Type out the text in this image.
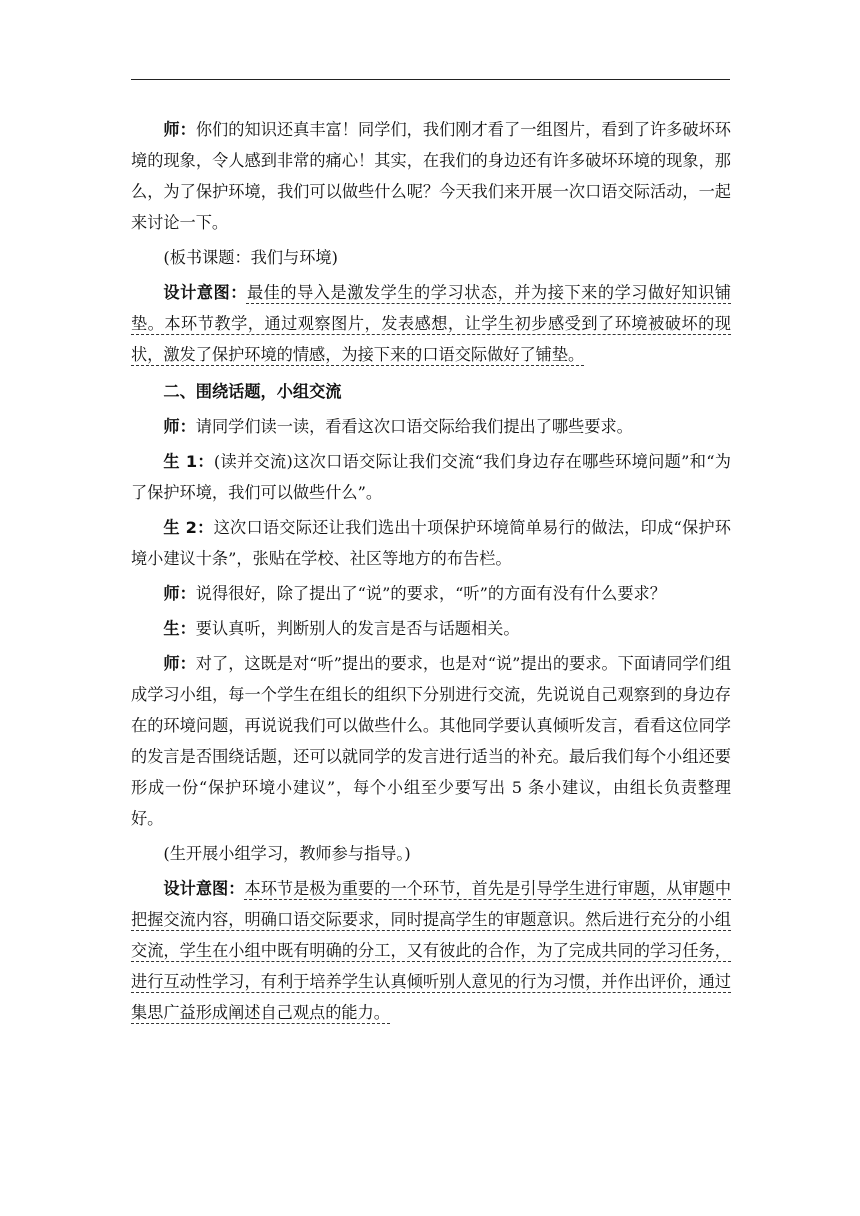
师：你们的知识还真丰富！同学们，我们刚才看了一组图片，看到了许多破坏环境的现象，令人感到非常的痛心！其实，在我们的身边还有许多破坏环境的现象，那么，为了保护环境，我们可以做些什么呢？今天我们来开展一次口语交际活动，一起来讨论一下。

(板书课题：我们与环境)

设计意图：最佳的导入是激发学生的学习状态，并为接下来的学习做好知识铺垫。本环节教学，通过观察图片，发表感想，让学生初步感受到了环境被破坏的现状，激发了保护环境的情感，为接下来的口语交际做好了铺垫。

二、围绕话题，小组交流

师：请同学们读一读，看看这次口语交际给我们提出了哪些要求。

生 1：(读并交流)这次口语交际让我们交流“我们身边存在哪些环境问题”和“为了保护环境，我们可以做些什么”。

生 2：这次口语交际还让我们选出十项保护环境简单易行的做法，印成“保护环境小建议十条”，张贴在学校、社区等地方的布告栏。

师：说得很好，除了提出了“说”的要求，“听”的方面有没有什么要求？

生：要认真听，判断别人的发言是否与话题相关。

师：对了，这既是对“听”提出的要求，也是对“说”提出的要求。下面请同学们组成学习小组，每一个学生在组长的组织下分别进行交流，先说说自己观察到的身边存在的环境问题，再说说我们可以做些什么。其他同学要认真倾听发言，看看这位同学的发言是否围绕话题，还可以就同学的发言进行适当的补充。最后我们每个小组还要形成一份“保护环境小建议”，每个小组至少要写出 5 条小建议，由组长负责整理好。

(生开展小组学习，教师参与指导。)

设计意图：本环节是极为重要的一个环节，首先是引导学生进行审题，从审题中把握交流内容，明确口语交际要求，同时提高学生的审题意识。然后进行充分的小组交流，学生在小组中既有明确的分工，又有彼此的合作，为了完成共同的学习任务，进行互动性学习，有利于培养学生认真倾听别人意见的行为习惯，并作出评价，通过集思广益形成阐述自己观点的能力。
